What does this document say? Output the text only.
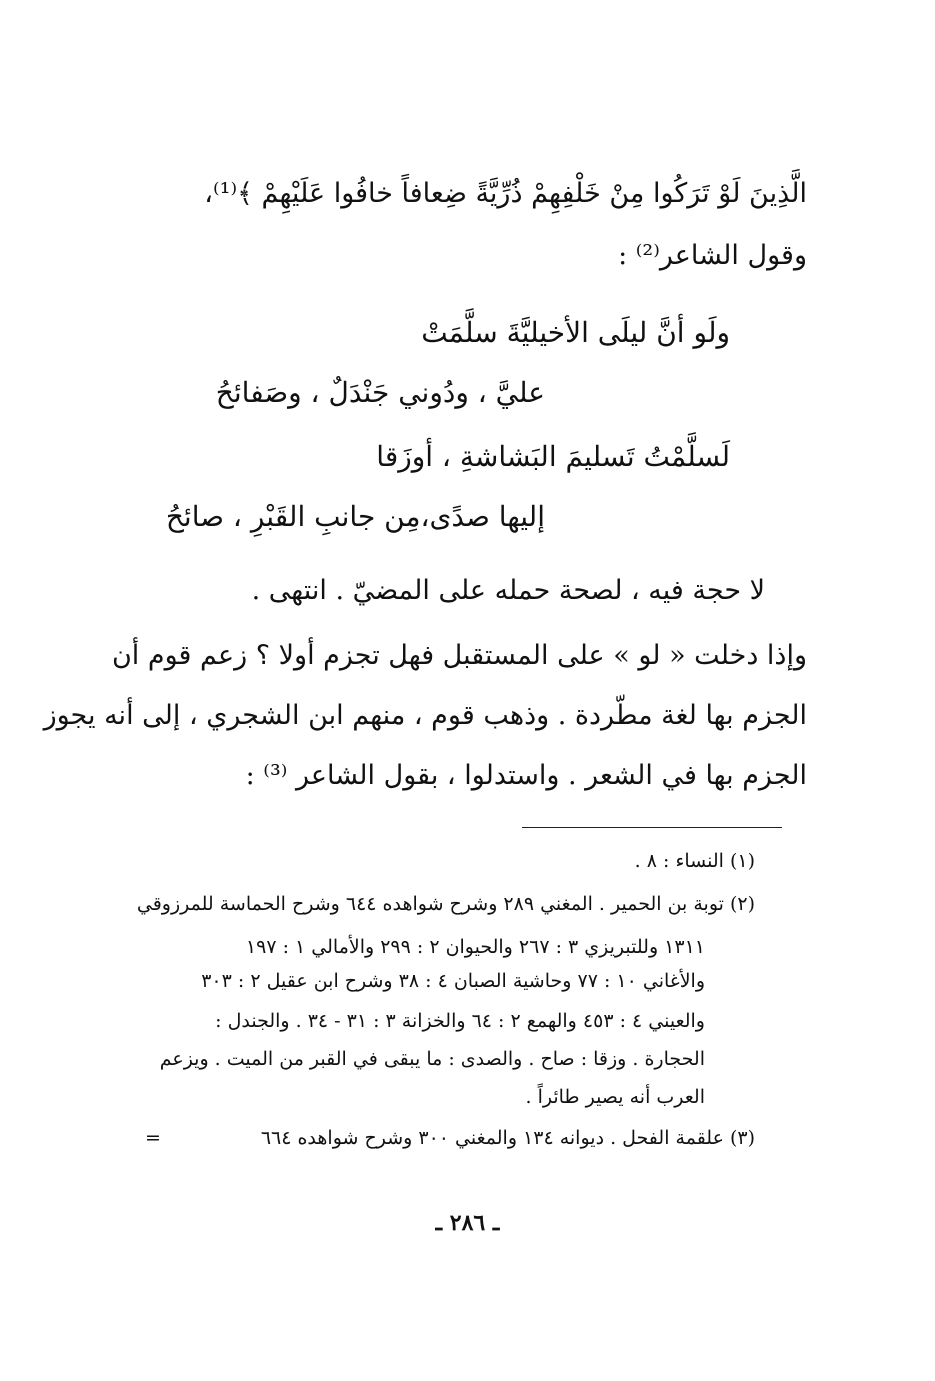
الَّذِينَ لَوْ تَرَكُوا مِنْ خَلْفِهِمْ ذُرِّيَّةً ضِعافاً خافُوا عَلَيْهِمْ ﴾⁽¹⁾،
وقول الشاعر⁽²⁾ :
ولَو أنَّ ليلَى الأخيليَّةَ سلَّمَتْ
عليَّ ، ودُوني جَنْدَلٌ ، وصَفائحُ
لَسلَّمْتُ تَسليمَ البَشاشةِ ، أوزَقا
إليها صدًى،مِن جانبِ القَبْرِ ، صائحُ
لا حجة فيه ، لصحة حمله على المضيّ . انتهى .
وإذا دخلت « لو » على المستقبل فهل تجزم أولا ؟ زعم قوم أن
الجزم بها لغة مطّردة . وذهب قوم ، منهم ابن الشجري ، إلى أنه يجوز
الجزم بها في الشعر . واستدلوا ، بقول الشاعر ⁽³⁾ :
(١)النساء : ٨ .
(٢)توبة بن الحمير . المغني ٢٨٩ وشرح شواهده ٦٤٤ وشرح الحماسة للمرزوقي
١٣١١ وللتبريزي ٣ : ٢٦٧ والحيوان ٢ : ٢٩٩ والأمالي ١ : ١٩٧
والأغاني ١٠ : ٧٧ وحاشية الصبان ٤ : ٣٨ وشرح ابن عقيل ٢ : ٣٠٣
والعيني ٤ : ٤٥٣ والهمع ٢ : ٦٤ والخزانة ٣ : ٣١ - ٣٤ . والجندل :
الحجارة . وزقا : صاح . والصدى : ما يبقى في القبر من الميت . ويزعم
العرب أنه يصير طائراً .
(٣)علقمة الفحل . ديوانه ١٣٤ والمغني ٣٠٠ وشرح شواهده ٦٦٤
=
ـ ٢٨٦ ـ
